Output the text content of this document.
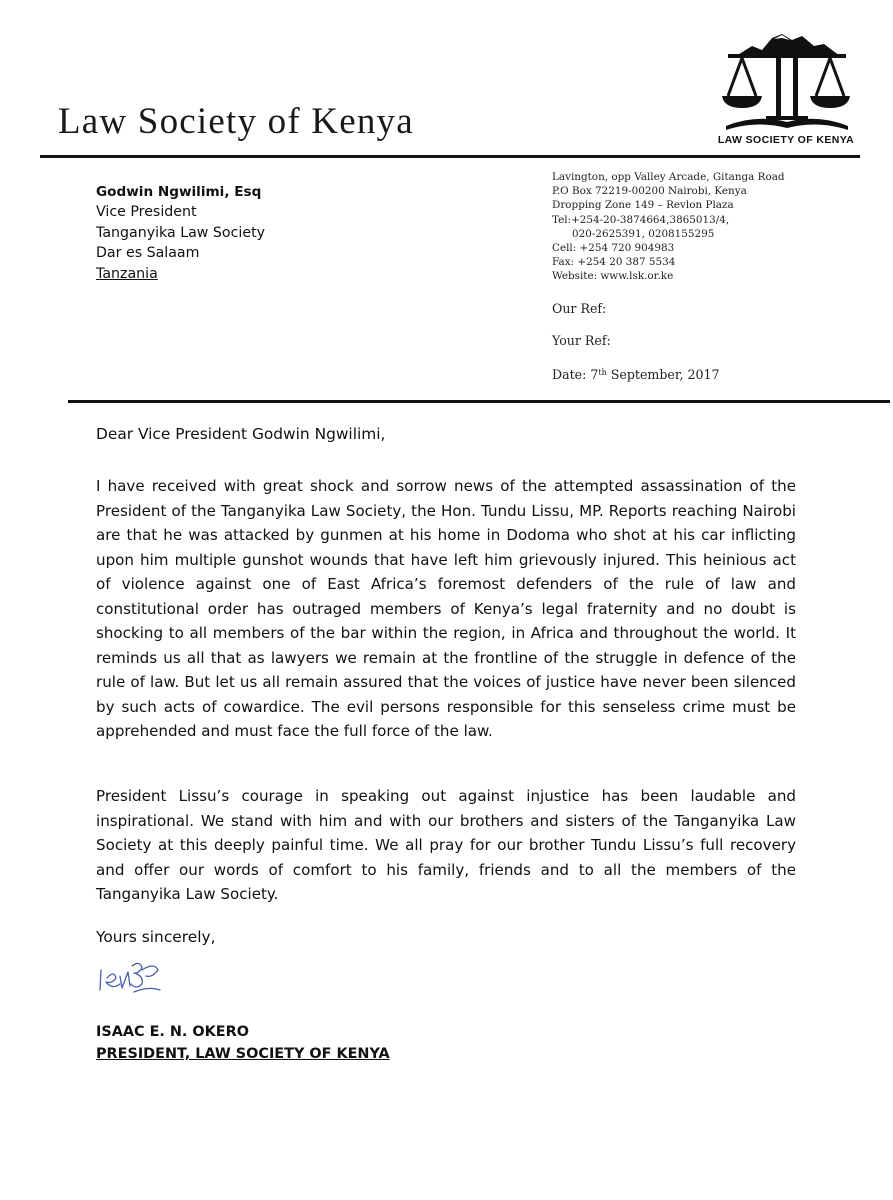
Law Society of Kenya	LAW SOCIETY OF KENYA
Godwin Ngwilimi, Esq
Vice President
Tanganyika Law Society
Dar es Salaam
Tanzania
Lavington, opp Valley Arcade, Gitanga Road
P.O Box 72219-00200 Nairobi, Kenya
Dropping Zone 149 – Revlon Plaza
Tel:+254-20-3874664,3865013/4,
020-2625391, 0208155295
Cell: +254 720 904983
Fax: +254 20 387 5534
Website: www.lsk.or.ke
Our Ref:
Your Ref:
Date: 7th September, 2017
Dear Vice President Godwin Ngwilimi,
I have received with great shock and sorrow news of the attempted assassination of the President of the Tanganyika Law Society, the Hon. Tundu Lissu, MP. Reports reaching Nairobi are that he was attacked by gunmen at his home in Dodoma who shot at his car inflicting upon him multiple gunshot wounds that have left him grievously injured. This heinious act of violence against one of East Africa’s foremost defenders of the rule of law and constitutional order has outraged members of Kenya’s legal fraternity and no doubt is shocking to all members of the bar within the region, in Africa and throughout the world. It reminds us all that as lawyers we remain at the frontline of the struggle in defence of the rule of law. But let us all remain assured that the voices of justice have never been silenced by such acts of cowardice. The evil persons responsible for this senseless crime must be apprehended and must face the full force of the law.
President Lissu’s courage in speaking out against injustice has been laudable and inspirational. We stand with him and with our brothers and sisters of the Tanganyika Law Society at this deeply painful time. We all pray for our brother Tundu Lissu’s full recovery and offer our words of comfort to his family, friends and to all the members of the Tanganyika Law Society.
Yours sincerely,
ISAAC E. N. OKERO
PRESIDENT, LAW SOCIETY OF KENYA
